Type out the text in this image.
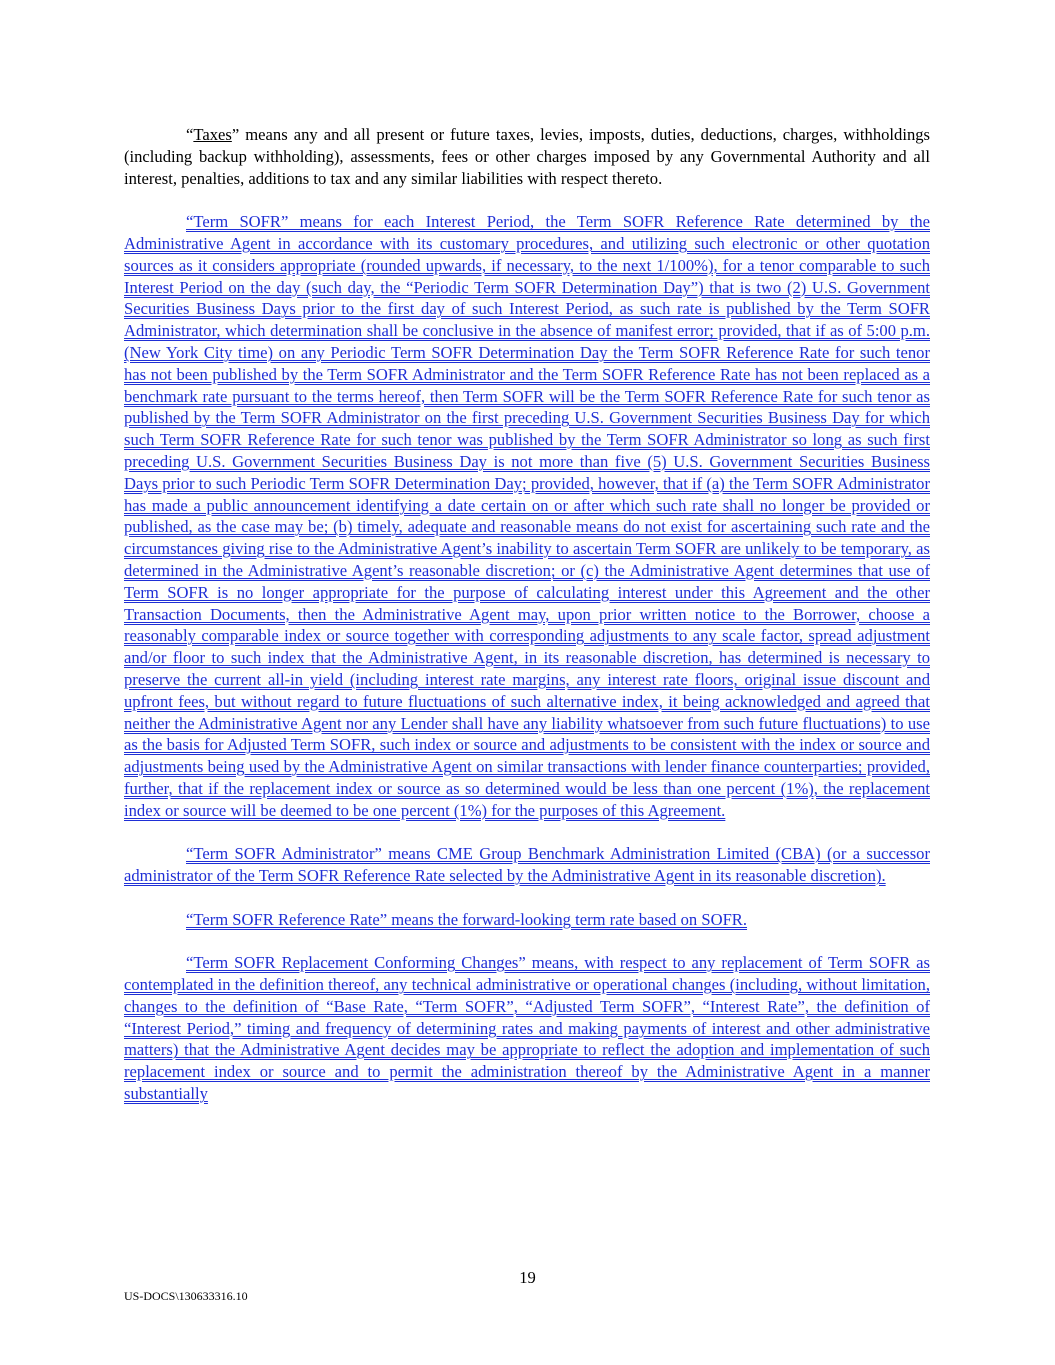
“Taxes” means any and all present or future taxes, levies, imposts, duties, deductions, charges, withholdings (including backup withholding), assessments, fees or other charges imposed by any Governmental Authority and all interest, penalties, additions to tax and any similar liabilities with respect thereto.

“Term SOFR” means for each Interest Period, the Term SOFR Reference Rate determined by the Administrative Agent in accordance with its customary procedures, and utilizing such electronic or other quotation sources as it considers appropriate (rounded upwards, if necessary, to the next 1/100%), for a tenor comparable to such Interest Period on the day (such day, the “Periodic Term SOFR Determination Day”) that is two (2) U.S. Government Securities Business Days prior to the first day of such Interest Period, as such rate is published by the Term SOFR Administrator, which determination shall be conclusive in the absence of manifest error; provided, that if as of 5:00 p.m. (New York City time) on any Periodic Term SOFR Determination Day the Term SOFR Reference Rate for such tenor has not been published by the Term SOFR Administrator and the Term SOFR Reference Rate has not been replaced as a benchmark rate pursuant to the terms hereof, then Term SOFR will be the Term SOFR Reference Rate for such tenor as published by the Term SOFR Administrator on the first preceding U.S. Government Securities Business Day for which such Term SOFR Reference Rate for such tenor was published by the Term SOFR Administrator so long as such first preceding U.S. Government Securities Business Day is not more than five (5) U.S. Government Securities Business Days prior to such Periodic Term SOFR Determination Day; provided, however, that if (a) the Term SOFR Administrator has made a public announcement identifying a date certain on or after which such rate shall no longer be provided or published, as the case may be; (b) timely, adequate and reasonable means do not exist for ascertaining such rate and the circumstances giving rise to the Administrative Agent’s inability to ascertain Term SOFR are unlikely to be temporary, as determined in the Administrative Agent’s reasonable discretion; or (c) the Administrative Agent determines that use of Term SOFR is no longer appropriate for the purpose of calculating interest under this Agreement and the other Transaction Documents, then the Administrative Agent may, upon prior written notice to the Borrower, choose a reasonably comparable index or source together with corresponding adjustments to any scale factor, spread adjustment and/or floor to such index that the Administrative Agent, in its reasonable discretion, has determined is necessary to preserve the current all-in yield (including interest rate margins, any interest rate floors, original issue discount and upfront fees, but without regard to future fluctuations of such alternative index, it being acknowledged and agreed that neither the Administrative Agent nor any Lender shall have any liability whatsoever from such future fluctuations) to use as the basis for Adjusted Term SOFR, such index or source and adjustments to be consistent with the index or source and adjustments being used by the Administrative Agent on similar transactions with lender finance counterparties; provided, further, that if the replacement index or source as so determined would be less than one percent (1%), the replacement index or source will be deemed to be one percent (1%) for the purposes of this Agreement.

“Term SOFR Administrator” means CME Group Benchmark Administration Limited (CBA) (or a successor administrator of the Term SOFR Reference Rate selected by the Administrative Agent in its reasonable discretion).

“Term SOFR Reference Rate” means the forward-looking term rate based on SOFR.

“Term SOFR Replacement Conforming Changes” means, with respect to any replacement of Term SOFR as contemplated in the definition thereof, any technical administrative or operational changes (including, without limitation, changes to the definition of “Base Rate, “Term SOFR”, “Adjusted Term SOFR”, “Interest Rate”, the definition of “Interest Period,” timing and frequency of determining rates and making payments of interest and other administrative matters) that the Administrative Agent decides may be appropriate to reflect the adoption and implementation of such replacement index or source and to permit the administration thereof by the Administrative Agent in a manner substantially

19
US-DOCS\130633316.10
